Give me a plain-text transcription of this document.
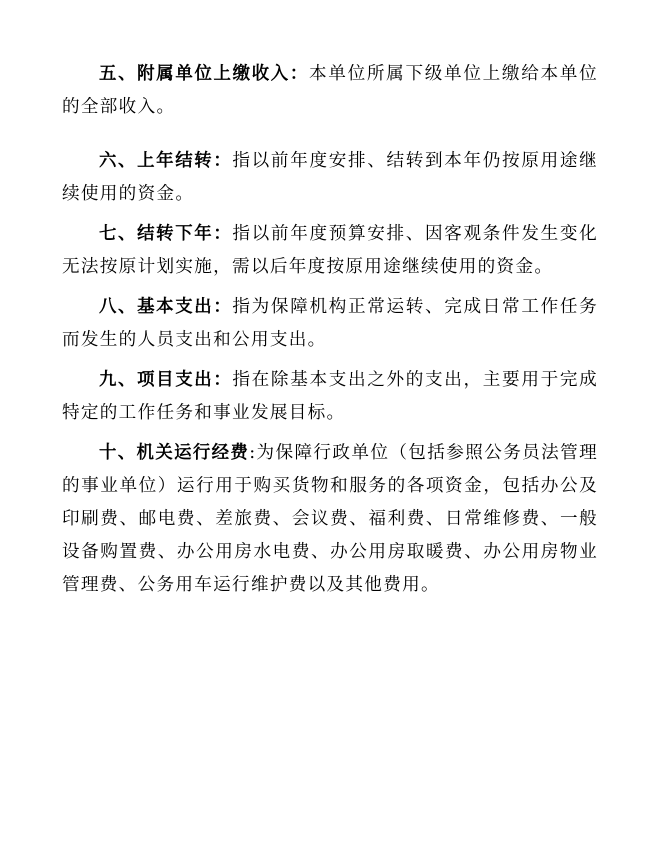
五、附属单位上缴收入：本单位所属下级单位上缴给本单位的全部收入。

六、上年结转：指以前年度安排、结转到本年仍按原用途继续使用的资金。

七、结转下年：指以前年度预算安排、因客观条件发生变化无法按原计划实施，需以后年度按原用途继续使用的资金。

八、基本支出：指为保障机构正常运转、完成日常工作任务而发生的人员支出和公用支出。

九、项目支出：指在除基本支出之外的支出，主要用于完成特定的工作任务和事业发展目标。

十、机关运行经费:为保障行政单位（包括参照公务员法管理的事业单位）运行用于购买货物和服务的各项资金，包括办公及印刷费、邮电费、差旅费、会议费、福利费、日常维修费、一般设备购置费、办公用房水电费、办公用房取暖费、办公用房物业管理费、公务用车运行维护费以及其他费用。
